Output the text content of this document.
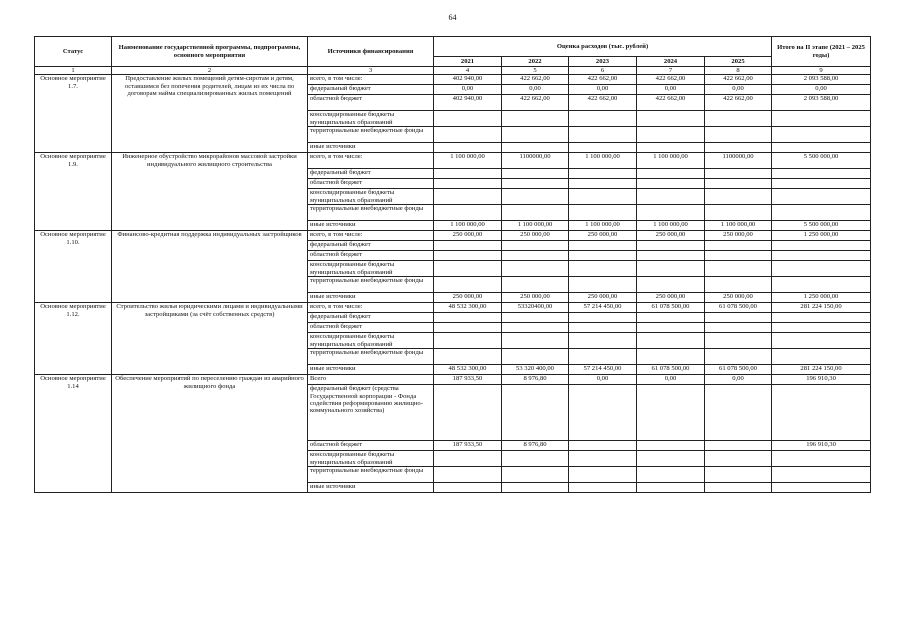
64
Статус	Наименование государственной программы, подпрограммы, основного мероприятия	Источники финансирования	Оценка расходов (тыс. рублей)					Итого на II этапе (2021 – 2025 годы)
			2021	2022	2023	2024	2025	
1	2	3	4	5	6	7	8	9
Основное мероприятие 1.7.	Предоставление жилых помещений детям-сиротам и детям, оставшимся без попечения родителей, лицам из их числа по договорам найма специализированных жилых помещений	всего, в том числе:	402 940,00	422 662,00	422 662,00	422 662,00	422 662,00	2 093 588,00
		федеральный бюджет	0,00	0,00	0,00	0,00	0,00	0,00
		областной бюджет	402 940,00	422 662,00	422 662,00	422 662,00	422 662,00	2 093 588,00
		консолидированные бюджеты муниципальных образований						
		территориальные внебюджетные фонды						
		иные источники						
Основное мероприятие 1.9.	Инженерное обустройство микрорайонов массовой застройки индивидуального жилищного строительства	всего, в том числе:	1 100 000,00	1100000,00	1 100 000,00	1 100 000,00	1100000,00	5 500 000,00
		федеральный бюджет						
		областной бюджет						
		консолидированные бюджеты муниципальных образований						
		территориальные внебюджетные фонды						
		иные источники	1 100 000,00	1 100 000,00	1 100 000,00	1 100 000,00	1 100 000,00	5 500 000,00
Основное мероприятие 1.10.	Финансово-кредитная поддержка индивидуальных застройщиков	всего, в том числе:	250 000,00	250 000,00	250 000,00	250 000,00	250 000,00	1 250 000,00
		федеральный бюджет						
		областной бюджет						
		консолидированные бюджеты муниципальных образований						
		территориальные внебюджетные фонды						
		иные источники	250 000,00	250 000,00	250 000,00	250 000,00	250 000,00	1 250 000,00
Основное мероприятие 1.12.	Строительство жилья юридическими лицами и индивидуальными застройщиками (за счёт собственных средств)	всего, в том числе:	48 532 300,00	53320400,00	57 214 450,00	61 078 500,00	61 078 500,00	281 224 150,00
		федеральный бюджет						
		областной бюджет						
		консолидированные бюджеты муниципальных образований						
		территориальные внебюджетные фонды						
		иные источники	48 532 300,00	53 320 400,00	57 214 450,00	61 078 500,00	61 078 500,00	281 224 150,00
Основное мероприятие 1.14	Обеспечение мероприятий по переселению граждан из аварийного жилищного фонда	Всего	187 933,50	8 976,80	0,00	0,00	0,00	196 910,30
		федеральный бюджет (средства Государственной корпорации - Фонда содействия реформированию жилищно-коммунального хозяйства)						
		областной бюджет	187 933,50	8 976,80				196 910,30
		консолидированные бюджеты муниципальных образований						
		территориальные внебюджетные фонды						
		иные источники						
